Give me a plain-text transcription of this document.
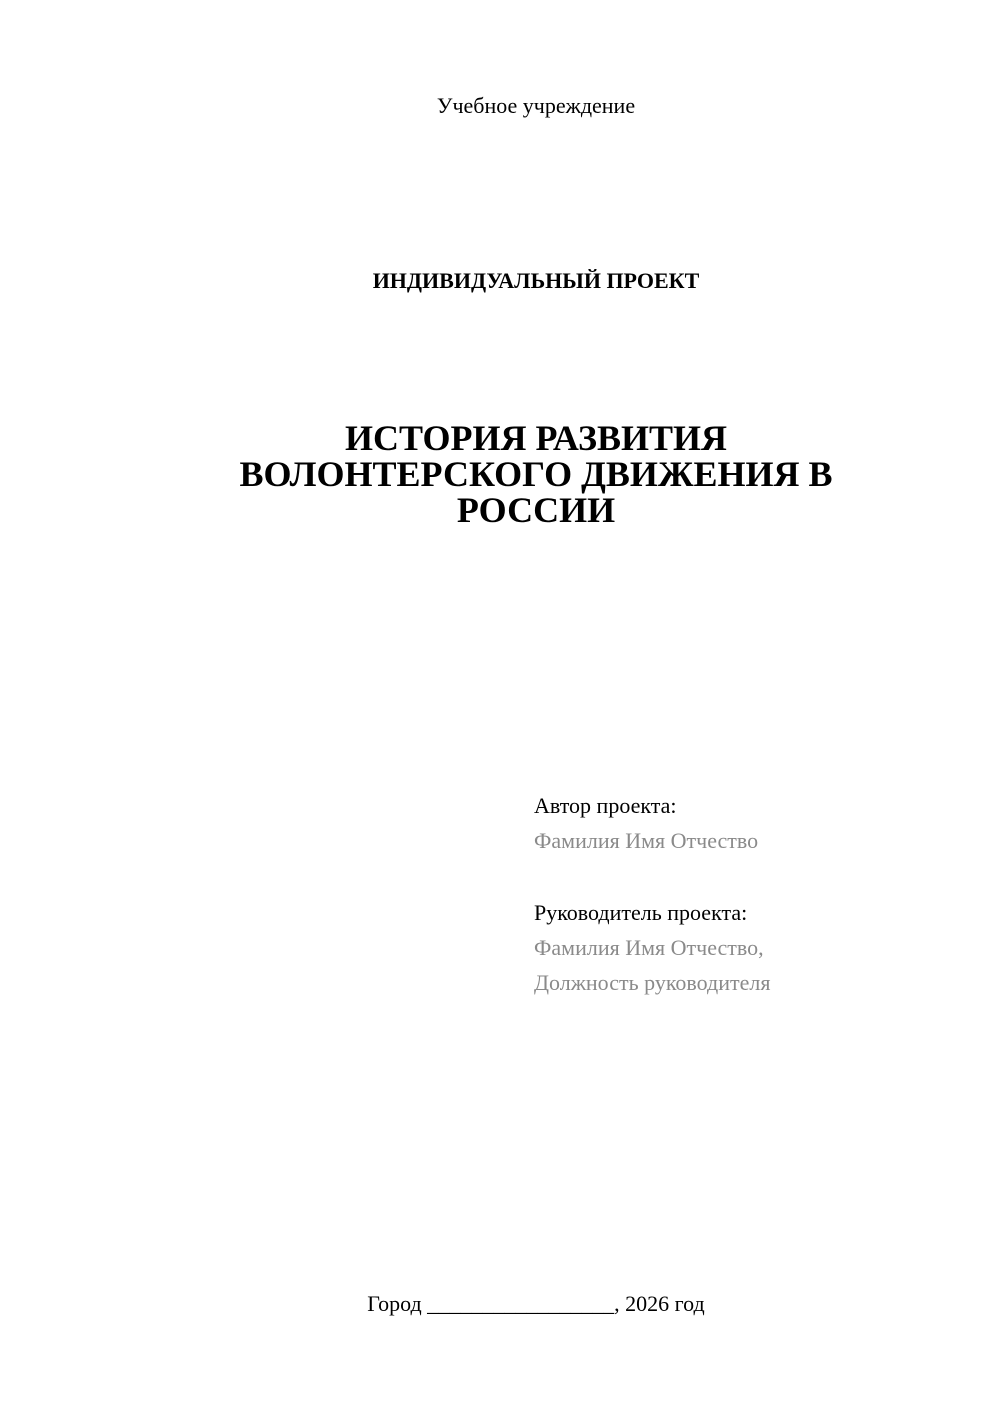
Учебное учреждение
ИНДИВИДУАЛЬНЫЙ ПРОЕКТ
ИСТОРИЯ РАЗВИТИЯ
ВОЛОНТЕРСКОГО ДВИЖЕНИЯ В
РОССИИ
Автор проекта:
Фамилия Имя Отчество
Руководитель проекта:
Фамилия Имя Отчество,
Должность руководителя
Город _________________, 2026 год
